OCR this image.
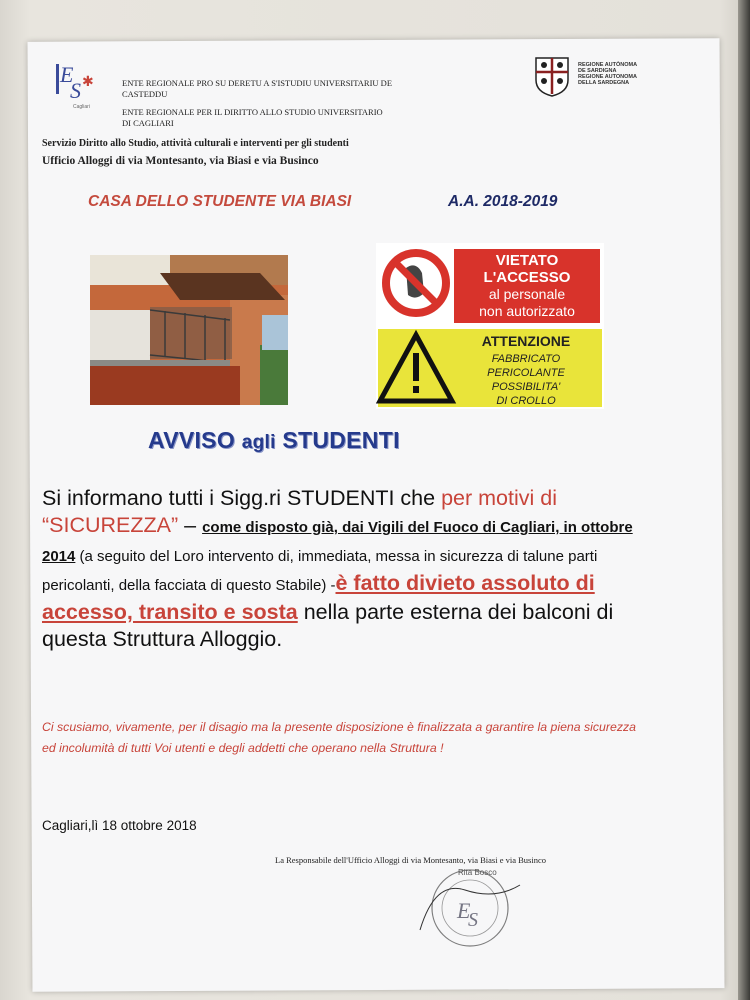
E
S ✱
Cagliari
ENTE REGIONALE PRO SU DERETU A S'ISTUDIU UNIVERSITARIU DE
CASTEDDU
ENTE REGIONALE PER IL DIRITTO ALLO STUDIO UNIVERSITARIO
DI CAGLIARI
REGIONE AUTÒNOMA
DE SARDIGNA
REGIONE AUTONOMA
DELLA SARDEGNA
Servizio Diritto allo Studio, attività culturali e interventi per gli studenti
Ufficio Alloggi di via Montesanto, via Biasi e via Businco
CASA DELLO STUDENTE VIA BIASI	A.A. 2018-2019
VIETATO
L'ACCESSO
al personale
non autorizzato
ATTENZIONE
FABBRICATO
PERICOLANTE
POSSIBILITA'
DI CROLLO
AVVISO agli STUDENTI
Si informano tutti i Sigg.ri STUDENTI che per motivi di “SICUREZZA” – come disposto già, dai Vigili del Fuoco di Cagliari, in ottobre 2014 (a seguito del Loro intervento di, immediata, messa in sicurezza di talune parti pericolanti, della facciata di questo Stabile) -è fatto divieto assoluto di accesso, transito e sosta nella parte esterna dei balconi di questa Struttura Alloggio.
Ci scusiamo, vivamente, per il disagio ma la presente disposizione è finalizzata a garantire la piena sicurezza ed incolumità di tutti Voi utenti e degli addetti che operano nella Struttura !
Cagliari,lì 18 ottobre 2018
La Responsabile dell'Ufficio Alloggi di via Montesanto, via Biasi e via Businco
E
S
Rita Bosco
